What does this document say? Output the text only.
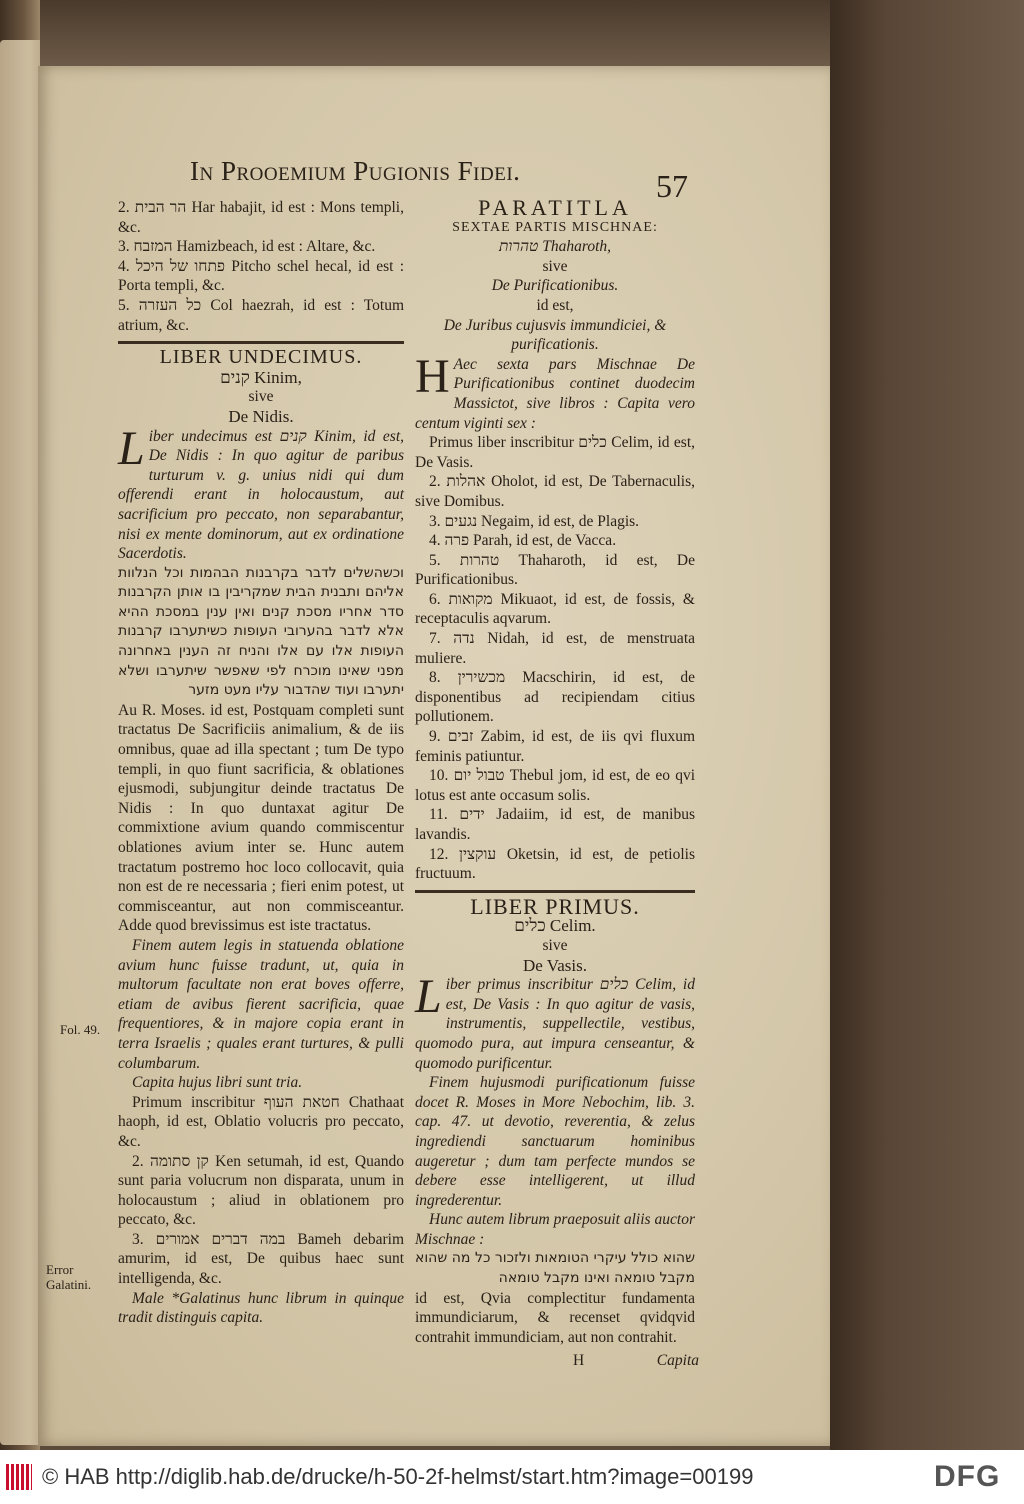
In Prooemium Pugionis Fidei.	57

2. הר הבית Har habajit, id est : Mons templi, &c.

3. המזבח Hamizbeach, id est : Altare, &c.

4. פתחו של היכל Pitcho schel hecal, id est : Porta templi, &c.

5. כל העזרה Col haezrah, id est : Totum atrium, &c.

LIBER UNDECIMUS.
קנים Kinim,
sive
De Nidis.

Liber undecimus est קנים Kinim, id est, De Nidis : In quo agitur de paribus turturum v. g. unius nidi qui dum offerendi erant in holocaustum, aut sacrificium pro peccato, non separabantur, nisi ex mente dominorum, aut ex ordinatione Sacerdotis.

וכשהשלים לדבר בקרבנות הבהמות וכל הנלוות אליהם ותבנית הבית שמקריבין בו אותן הקרבנות סדר אחריו מסכת קנים ואין ענין במסכת ההיא אלא לדבר בהערובי העופות כשיתערבו קרבנות העופות אלו עם אלו והניח זה הענין באחרונה מפני שאינו מוכרח לפי שאפשר שיתערבו ושלא יתערבו ועוד שהדבור עליו מעט מזער

Au R. Moses. id est, Postquam completi sunt tractatus De Sacrificiis animalium, & de iis omnibus, quae ad illa spectant ; tum De typo templi, in quo fiunt sacrificia, & oblationes ejusmodi, subjungitur deinde tractatus De Nidis : In quo duntaxat agitur De commixtione avium quando commiscentur oblationes avium inter se. Hunc autem tractatum postremo hoc loco collocavit, quia non est de re necessaria ; fieri enim potest, ut commisceantur, aut non commisceantur. Adde quod brevissimus est iste tractatus.

Finem autem legis in statuenda oblatione avium hunc fuisse tradunt, ut, quia in multorum facultate non erat boves offerre, etiam de avibus fierent sacrificia, quae frequentiores, & in majore copia erant in terra Israelis ; quales erant turtures, & pulli columbarum.

Capita hujus libri sunt tria.

Primum inscribitur חטאת העוף Chathaat haoph, id est, Oblatio volucris pro peccato, &c.

2. קן סתומה Ken setumah, id est, Quando sunt paria volucrum non disparata, unum in holocaustum ; aliud in oblationem pro peccato, &c.

3. במה דברים אמורים Bameh debarim amurim, id est, De quibus haec sunt intelligenda, &c.

Male *Galatinus hunc librum in quinque tradit distinguis capita.

Fol. 49.
Error Galatini.
PARATITLA
SEXTAE PARTIS MISCHNAE:
טהרות Thaharoth,
sive
De Purificationibus.
id est,
De Juribus cujusvis immundiciei, & purificationis.

H Aec sexta pars Mischnae De Purificationibus continet duodecim Massictot, sive libros : Capita vero centum viginti sex :

Primus liber inscribitur כלים Celim, id est, De Vasis.

2. אהלות Oholot, id est, De Tabernaculis, sive Domibus.

3. נגעים Negaim, id est, de Plagis.

4. פרה Parah, id est, de Vacca.

5. טהרות Thaharoth, id est, De Purificationibus.

6. מקואות Mikuaot, id est, de fossis, & receptaculis aqvarum.

7. נדה Nidah, id est, de menstruata muliere.

8. מכשירין Macschirin, id est, de disponentibus ad recipiendam citius pollutionem.

9. זבים Zabim, id est, de iis qvi fluxum feminis patiuntur.

10. טבול יום Thebul jom, id est, de eo qvi lotus est ante occasum solis.

11. ידים Jadaiim, id est, de manibus lavandis.

12. עוקצין Oketsin, id est, de petiolis fructuum.

LIBER PRIMUS.
כלים Celim.
sive
De Vasis.

Liber primus inscribitur כלים Celim, id est, De Vasis : In quo agitur de vasis, instrumentis, suppellectile, vestibus, quomodo pura, aut impura censeantur, & quomodo purificentur.

Finem hujusmodi purificationum fuisse docet R. Moses in More Nebochim, lib. 3. cap. 47. ut devotio, reverentia, & zelus ingrediendi sanctuarum hominibus augeretur ; dum tam perfecte mundos se debere esse intelligerent, ut illud ingrederentur.

Hunc autem librum praeposuit aliis auctor Mischnae :

שהוא כולל עיקרי הטומאות ולזכור כל מה שהוא מקבל טומאה ואינו מקבל טומאה

id est, Qvia complectitur fundamenta immundiciarum, & recenset qvidqvid contrahit immundiciam, aut non contrahit.

H	Capita
© HAB http://diglib.hab.de/drucke/h-50-2f-helmst/start.htm?image=00199	DFG
